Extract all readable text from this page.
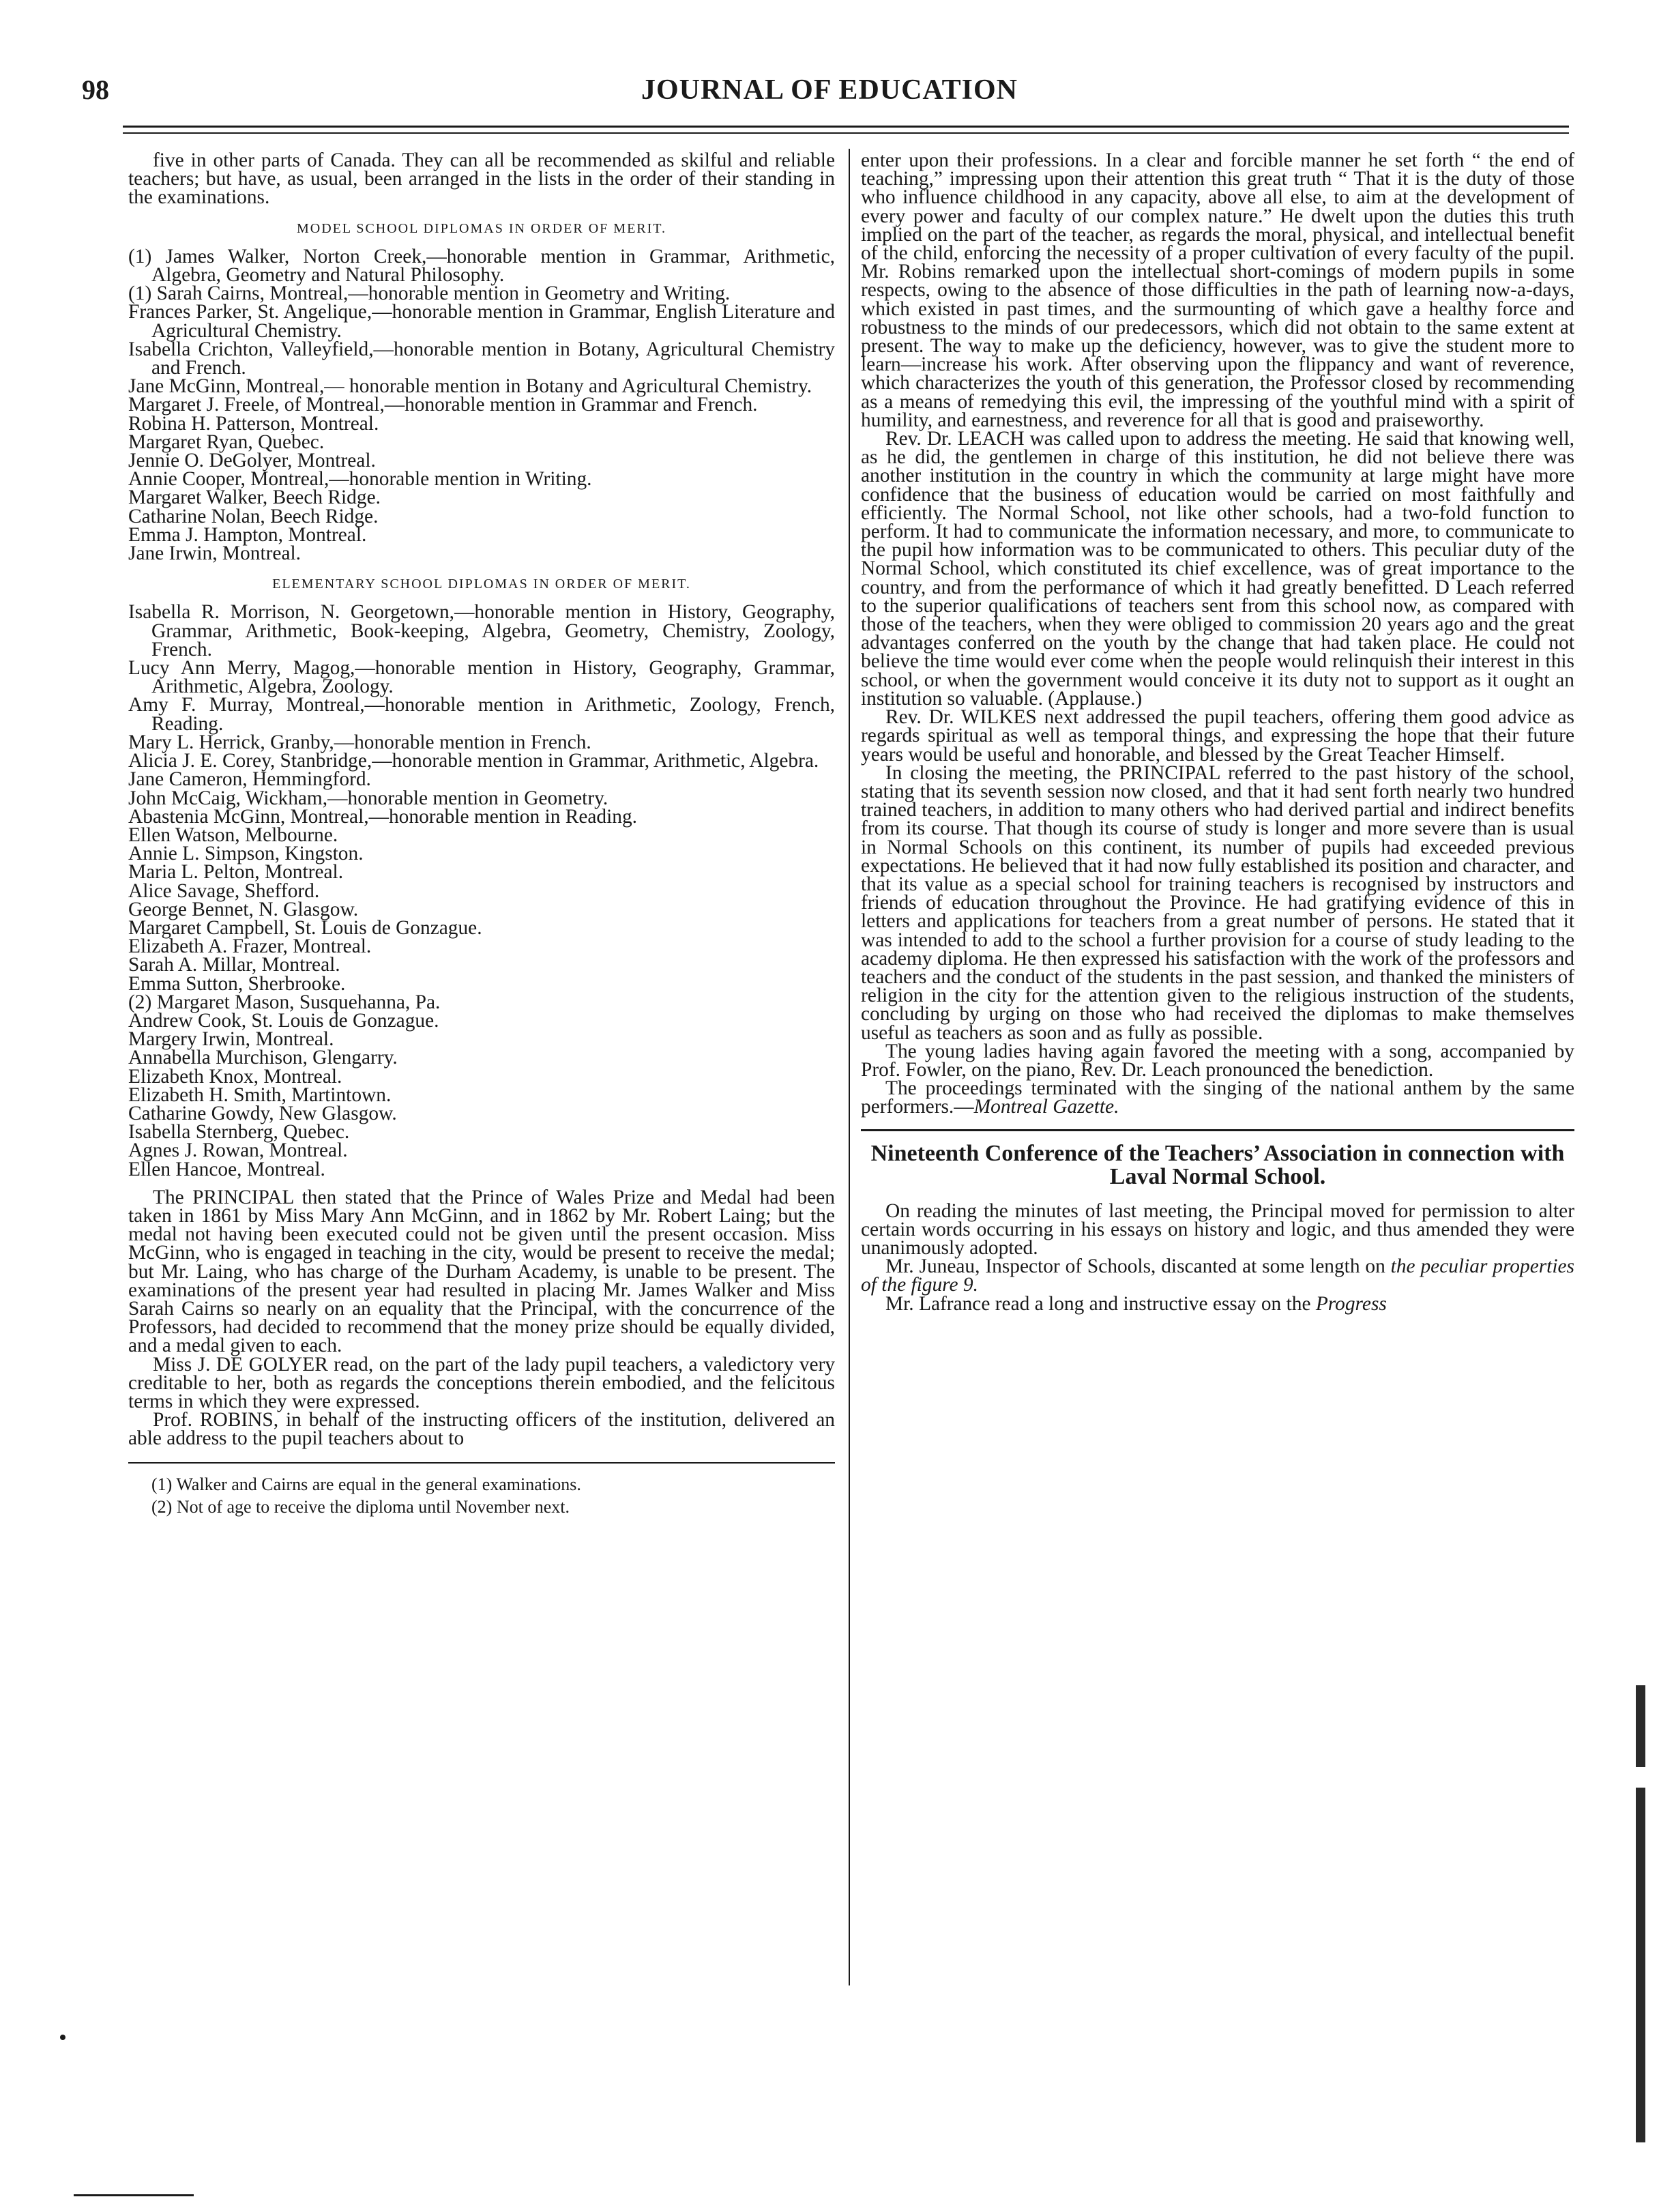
98	JOURNAL OF EDUCATION

five in other parts of Canada. They can all be recommended as skilful and reliable teachers; but have, as usual, been arranged in the lists in the order of their standing in the examinations.

MODEL SCHOOL DIPLOMAS IN ORDER OF MERIT.

(1) James Walker, Norton Creek,—honorable mention in Grammar, Arithmetic, Algebra, Geometry and Natural Philosophy.

(1) Sarah Cairns, Montreal,—honorable mention in Geometry and Writing.

Frances Parker, St. Angelique,—honorable mention in Grammar, English Literature and Agricultural Chemistry.

Isabella Crichton, Valleyfield,—honorable mention in Botany, Agricultural Chemistry and French.

Jane McGinn, Montreal,— honorable mention in Botany and Agricultural Chemistry.

Margaret J. Freele, of Montreal,—honorable mention in Grammar and French.

Robina H. Patterson, Montreal.

Margaret Ryan, Quebec.

Jennie O. DeGolyer, Montreal.

Annie Cooper, Montreal,—honorable mention in Writing.

Margaret Walker, Beech Ridge.

Catharine Nolan, Beech Ridge.

Emma J. Hampton, Montreal.

Jane Irwin, Montreal.

ELEMENTARY SCHOOL DIPLOMAS IN ORDER OF MERIT.

Isabella R. Morrison, N. Georgetown,—honorable mention in History, Geography, Grammar, Arithmetic, Book-keeping, Algebra, Geometry, Chemistry, Zoology, French.

Lucy Ann Merry, Magog,—honorable mention in History, Geography, Grammar, Arithmetic, Algebra, Zoology.

Amy F. Murray, Montreal,—honorable mention in Arithmetic, Zoology, French, Reading.

Mary L. Herrick, Granby,—honorable mention in French.

Alicia J. E. Corey, Stanbridge,—honorable mention in Grammar, Arithmetic, Algebra.

Jane Cameron, Hemmingford.

John McCaig, Wickham,—honorable mention in Geometry.

Abastenia McGinn, Montreal,—honorable mention in Reading.

Ellen Watson, Melbourne.

Annie L. Simpson, Kingston.

Maria L. Pelton, Montreal.

Alice Savage, Shefford.

George Bennet, N. Glasgow.

Margaret Campbell, St. Louis de Gonzague.

Elizabeth A. Frazer, Montreal.

Sarah A. Millar, Montreal.

Emma Sutton, Sherbrooke.

(2) Margaret Mason, Susquehanna, Pa.

Andrew Cook, St. Louis de Gonzague.

Margery Irwin, Montreal.

Annabella Murchison, Glengarry.

Elizabeth Knox, Montreal.

Elizabeth H. Smith, Martintown.

Catharine Gowdy, New Glasgow.

Isabella Sternberg, Quebec.

Agnes J. Rowan, Montreal.

Ellen Hancoe, Montreal.

The PRINCIPAL then stated that the Prince of Wales Prize and Medal had been taken in 1861 by Miss Mary Ann McGinn, and in 1862 by Mr. Robert Laing; but the medal not having been executed could not be given until the present occasion. Miss McGinn, who is engaged in teaching in the city, would be present to receive the medal; but Mr. Laing, who has charge of the Durham Academy, is unable to be present. The examinations of the present year had resulted in placing Mr. James Walker and Miss Sarah Cairns so nearly on an equality that the Principal, with the concurrence of the Professors, had decided to recommend that the money prize should be equally divided, and a medal given to each.

Miss J. DE GOLYER read, on the part of the lady pupil teachers, a valedictory very creditable to her, both as regards the conceptions therein embodied, and the felicitous terms in which they were expressed.

Prof. ROBINS, in behalf of the instructing officers of the institution, delivered an able address to the pupil teachers about to

(1) Walker and Cairns are equal in the general examinations.
(2) Not of age to receive the diploma until November next.

enter upon their professions. In a clear and forcible manner he set forth “ the end of teaching,” impressing upon their attention this great truth “ That it is the duty of those who influence childhood in any capacity, above all else, to aim at the development of every power and faculty of our complex nature.” He dwelt upon the duties this truth implied on the part of the teacher, as regards the moral, physical, and intellectual benefit of the child, enforcing the necessity of a proper cultivation of every faculty of the pupil. Mr. Robins remarked upon the intellectual short-comings of modern pupils in some respects, owing to the absence of those difficulties in the path of learning now-a-days, which existed in past times, and the surmounting of which gave a healthy force and robustness to the minds of our predecessors, which did not obtain to the same extent at present. The way to make up the deficiency, however, was to give the student more to learn—increase his work. After observing upon the flippancy and want of reverence, which characterizes the youth of this generation, the Professor closed by recommending as a means of remedying this evil, the impressing of the youthful mind with a spirit of humility, and earnestness, and reverence for all that is good and praiseworthy.

Rev. Dr. LEACH was called upon to address the meeting. He said that knowing well, as he did, the gentlemen in charge of this institution, he did not believe there was another institution in the country in which the community at large might have more confidence that the business of education would be carried on most faithfully and efficiently. The Normal School, not like other schools, had a two-fold function to perform. It had to communicate the information necessary, and more, to communicate to the pupil how information was to be communicated to others. This peculiar duty of the Normal School, which constituted its chief excellence, was of great importance to the country, and from the performance of which it had greatly benefitted. D Leach referred to the superior qualifications of teachers sent from this school now, as compared with those of the teachers, when they were obliged to commission 20 years ago and the great advantages conferred on the youth by the change that had taken place. He could not believe the time would ever come when the people would relinquish their interest in this school, or when the government would conceive it its duty not to support as it ought an institution so valuable. (Applause.)

Rev. Dr. WILKES next addressed the pupil teachers, offering them good advice as regards spiritual as well as temporal things, and expressing the hope that their future years would be useful and honorable, and blessed by the Great Teacher Himself.

In closing the meeting, the PRINCIPAL referred to the past history of the school, stating that its seventh session now closed, and that it had sent forth nearly two hundred trained teachers, in addition to many others who had derived partial and indirect benefits from its course. That though its course of study is longer and more severe than is usual in Normal Schools on this continent, its number of pupils had exceeded previous expectations. He believed that it had now fully established its position and character, and that its value as a special school for training teachers is recognised by instructors and friends of education throughout the Province. He had gratifying evidence of this in letters and applications for teachers from a great number of persons. He stated that it was intended to add to the school a further provision for a course of study leading to the academy diploma. He then expressed his satisfaction with the work of the professors and teachers and the conduct of the students in the past session, and thanked the ministers of religion in the city for the attention given to the religious instruction of the students, concluding by urging on those who had received the diplomas to make themselves useful as teachers as soon and as fully as possible.

The young ladies having again favored the meeting with a song, accompanied by Prof. Fowler, on the piano, Rev. Dr. Leach pronounced the benediction.

The proceedings terminated with the singing of the national anthem by the same performers.—Montreal Gazette.

Nineteenth Conference of the Teachers’ Association in connection with Laval Normal School.

On reading the minutes of last meeting, the Principal moved for permission to alter certain words occurring in his essays on history and logic, and thus amended they were unanimously adopted.

Mr. Juneau, Inspector of Schools, discanted at some length on the peculiar properties of the figure 9.

Mr. Lafrance read a long and instructive essay on the Progress
